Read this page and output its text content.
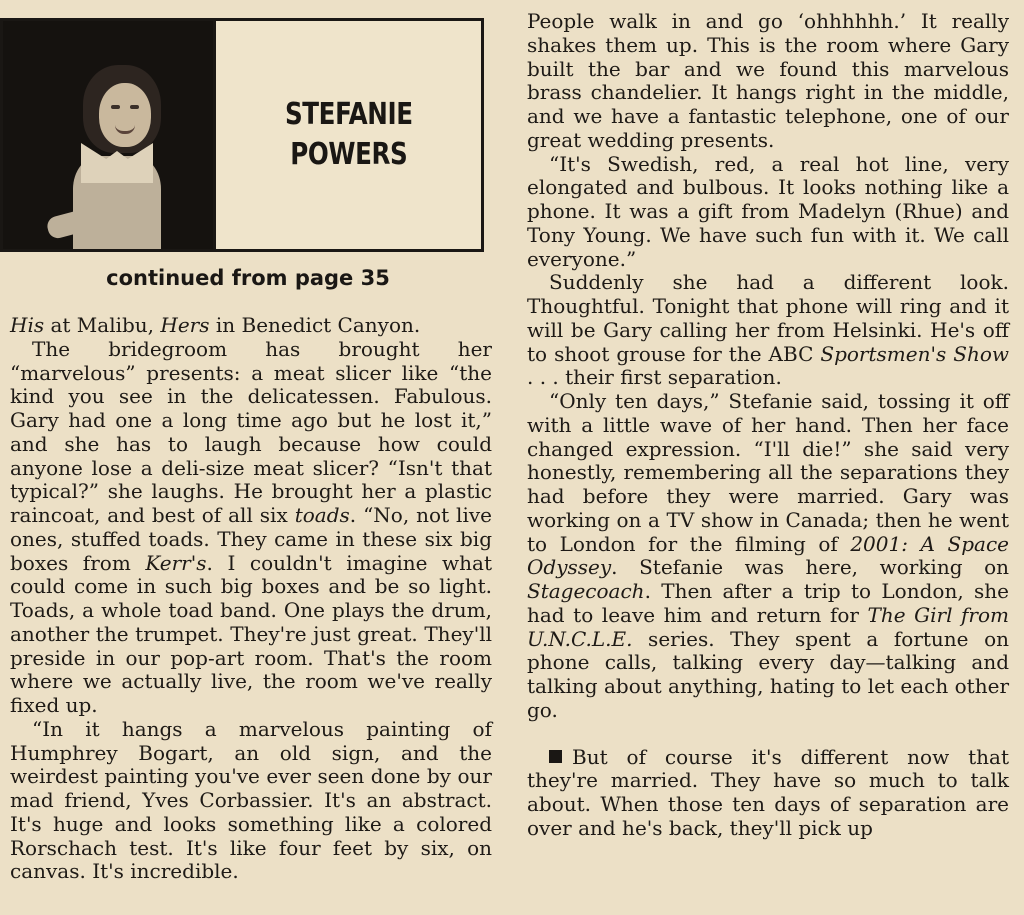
STEFANIE
POWERS
continued from page 35

His at Malibu, Hers in Benedict Canyon.

The bridegroom has brought her “marvelous” presents: a meat slicer like “the kind you see in the delicatessen. Fabulous. Gary had one a long time ago but he lost it,” and she has to laugh because how could anyone lose a deli-size meat slicer? “Isn't that typical?” she laughs. He brought her a plastic raincoat, and best of all six toads. “No, not live ones, stuffed toads. They came in these six big boxes from Kerr's. I couldn't imagine what could come in such big boxes and be so light. Toads, a whole toad band. One plays the drum, another the trumpet. They're just great. They'll preside in our pop-art room. That's the room where we actually live, the room we've really fixed up.

“In it hangs a marvelous painting of Humphrey Bogart, an old sign, and the weirdest painting you've ever seen done by our mad friend, Yves Corbassier. It's an abstract. It's huge and looks something like a colored Rorschach test. It's like four feet by six, on canvas. It's incredible.

People walk in and go ‘ohhhhhh.’ It really shakes them up. This is the room where Gary built the bar and we found this marvelous brass chandelier. It hangs right in the middle, and we have a fantastic telephone, one of our great wedding presents.

“It's Swedish, red, a real hot line, very elongated and bulbous. It looks nothing like a phone. It was a gift from Madelyn (Rhue) and Tony Young. We have such fun with it. We call everyone.”

Suddenly she had a different look. Thoughtful. Tonight that phone will ring and it will be Gary calling her from Helsinki. He's off to shoot grouse for the ABC Sportsmen's Show . . . their first separation.

“Only ten days,” Stefanie said, tossing it off with a little wave of her hand. Then her face changed expression. “I'll die!” she said very honestly, remembering all the separations they had before they were married. Gary was working on a TV show in Canada; then he went to London for the filming of 2001: A Space Odyssey. Stefanie was here, working on Stagecoach. Then after a trip to London, she had to leave him and return for The Girl from U.N.C.L.E. series. They spent a fortune on phone calls, talking every day—talking and talking about anything, hating to let each other go.

But of course it's different now that they're married. They have so much to talk about. When those ten days of separation are over and he's back, they'll pick up
